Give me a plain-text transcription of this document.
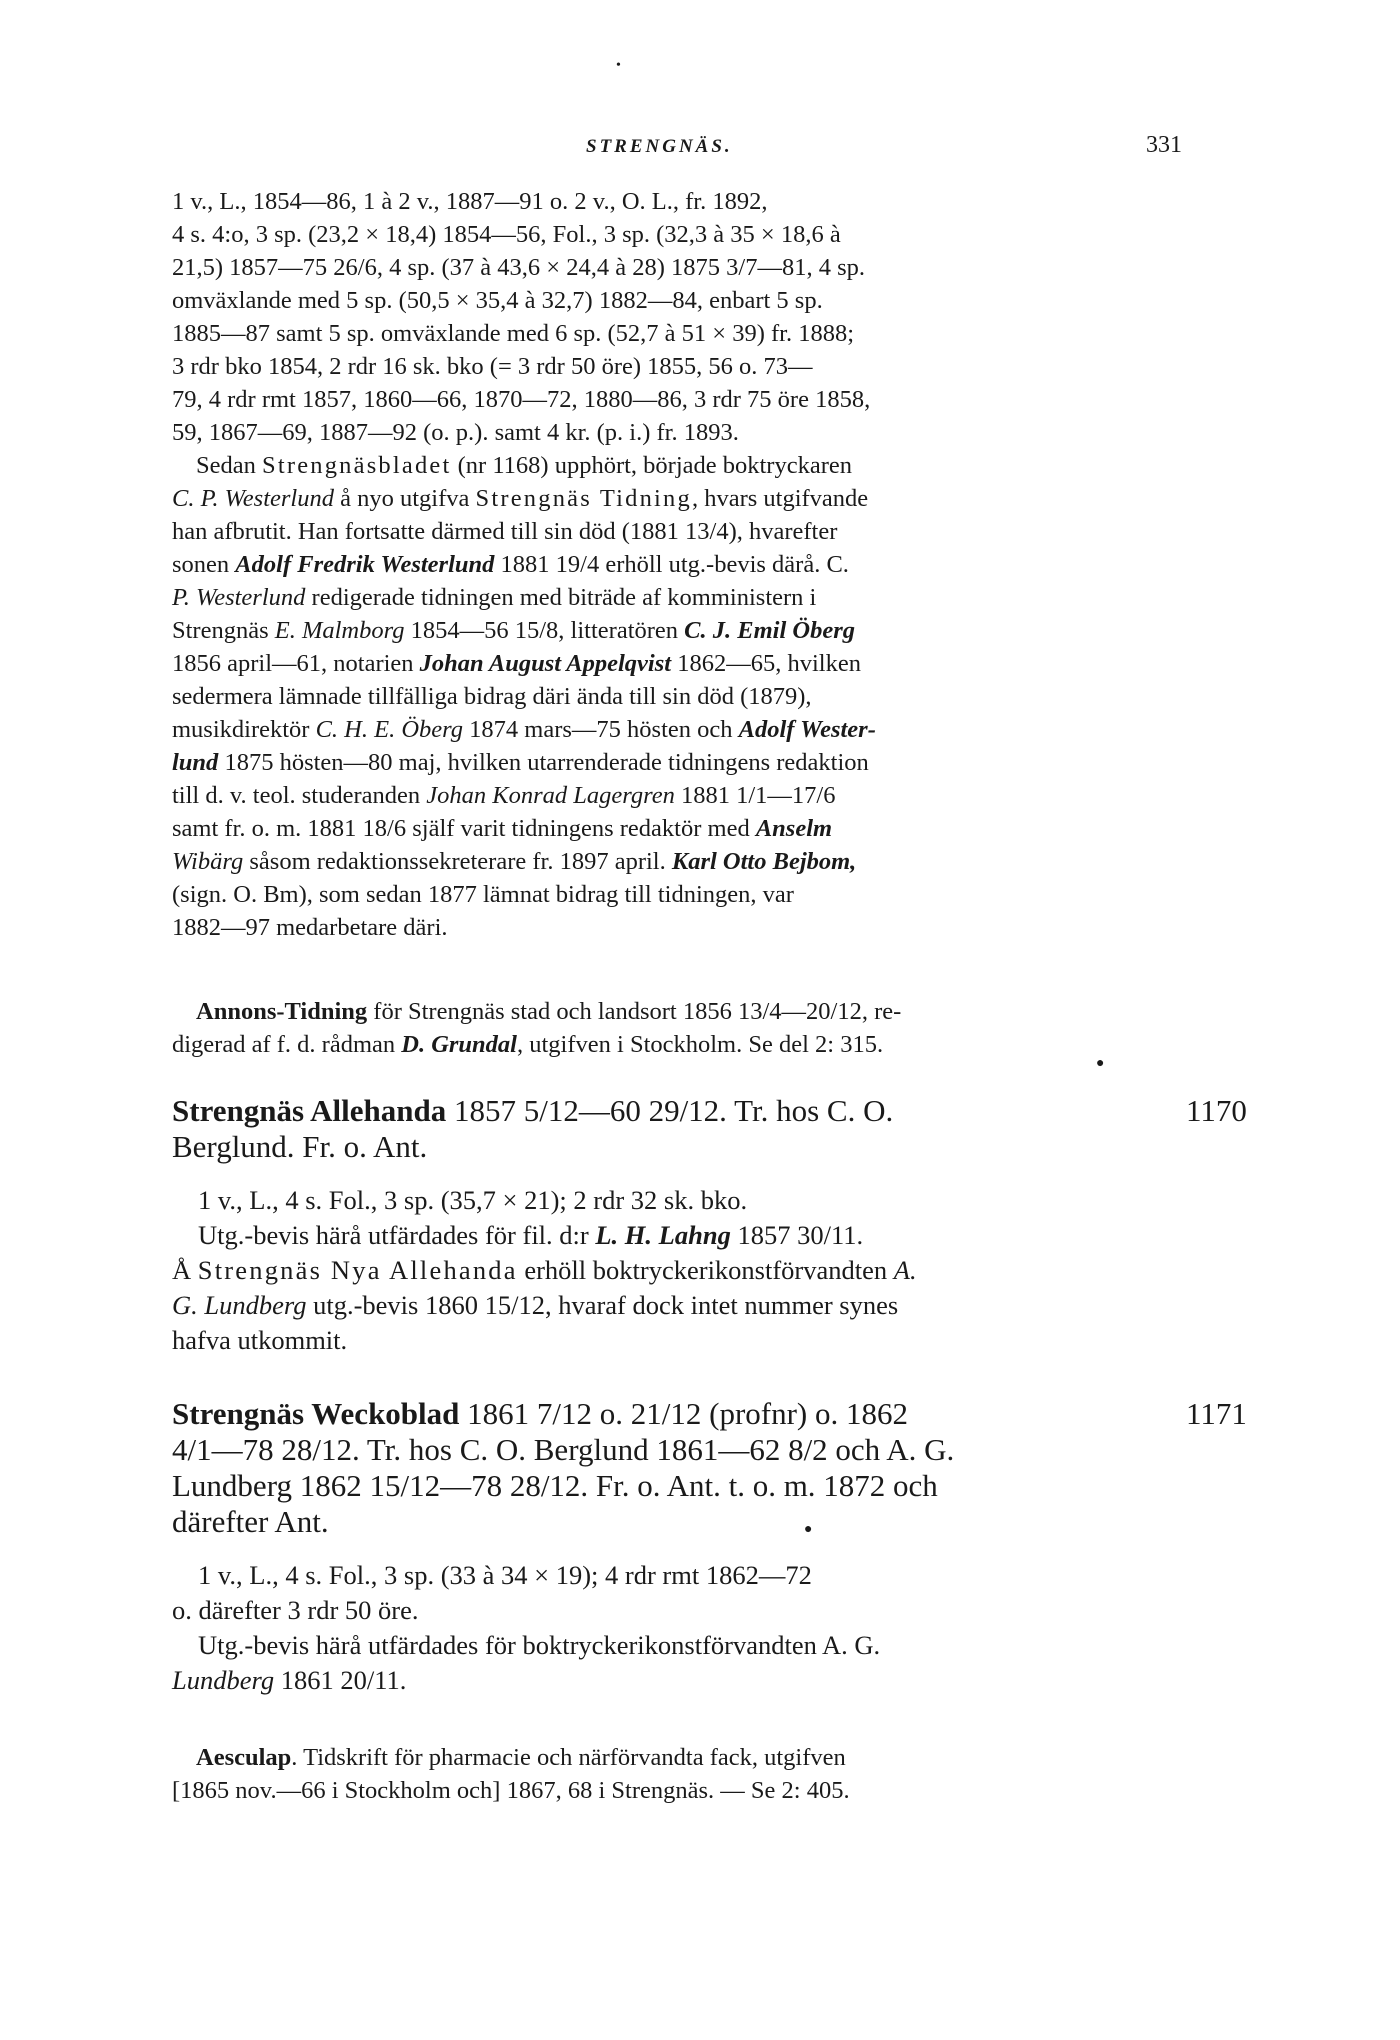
•
STRENGNÄS.	331
1 v., L., 1854—86, 1 à 2 v., 1887—91 o. 2 v., O. L., fr. 1892,
4 s. 4:o, 3 sp. (23,2 × 18,4) 1854—56, Fol., 3 sp. (32,3 à 35 × 18,6 à
21,5) 1857—75 26/6, 4 sp. (37 à 43,6 × 24,4 à 28) 1875 3/7—81, 4 sp.
omväxlande med 5 sp. (50,5 × 35,4 à 32,7) 1882—84, enbart 5 sp.
1885—87 samt 5 sp. omväxlande med 6 sp. (52,7 à 51 × 39) fr. 1888;
3 rdr bko 1854, 2 rdr 16 sk. bko (= 3 rdr 50 öre) 1855, 56 o. 73—
79, 4 rdr rmt 1857, 1860—66, 1870—72, 1880—86, 3 rdr 75 öre 1858,
59, 1867—69, 1887—92 (o. p.). samt 4 kr. (p. i.) fr. 1893.
Sedan Strengnäsbladet (nr 1168) upphört, började boktryckaren
C. P. Westerlund å nyo utgifva Strengnäs Tidning, hvars utgifvande
han afbrutit. Han fortsatte därmed till sin död (1881 13/4), hvarefter
sonen Adolf Fredrik Westerlund 1881 19/4 erhöll utg.-bevis därå. C.
P. Westerlund redigerade tidningen med biträde af komministern i
Strengnäs E. Malmborg 1854—56 15/8, litteratören C. J. Emil Öberg
1856 april—61, notarien Johan August Appelqvist 1862—65, hvilken
sedermera lämnade tillfälliga bidrag däri ända till sin död (1879),
musikdirektör C. H. E. Öberg 1874 mars—75 hösten och Adolf Wester-
lund 1875 hösten—80 maj, hvilken utarrenderade tidningens redaktion
till d. v. teol. studeranden Johan Konrad Lagergren 1881 1/1—17/6
samt fr. o. m. 1881 18/6 själf varit tidningens redaktör med Anselm
Wibärg såsom redaktionssekreterare fr. 1897 april. Karl Otto Bejbom,
(sign. O. Bm), som sedan 1877 lämnat bidrag till tidningen, var
1882—97 medarbetare däri.
Annons-Tidning för Strengnäs stad och landsort 1856 13/4—20/12, re-
digerad af f. d. rådman D. Grundal, utgifven i Stockholm. Se del 2: 315.
●
1170
Strengnäs Allehanda 1857 5/12—60 29/12. Tr. hos C. O.
Berglund. Fr. o. Ant.
1 v., L., 4 s. Fol., 3 sp. (35,7 × 21); 2 rdr 32 sk. bko.
Utg.-bevis härå utfärdades för fil. d:r L. H. Lahng 1857 30/11.
Å Strengnäs Nya Allehanda erhöll boktryckerikonstförvandten A.
G. Lundberg utg.-bevis 1860 15/12, hvaraf dock intet nummer synes
hafva utkommit.
1171
Strengnäs Weckoblad 1861 7/12 o. 21/12 (profnr) o. 1862
4/1—78 28/12. Tr. hos C. O. Berglund 1861—62 8/2 och A. G.
Lundberg 1862 15/12—78 28/12. Fr. o. Ant. t. o. m. 1872 och
därefter Ant.	●
1 v., L., 4 s. Fol., 3 sp. (33 à 34 × 19); 4 rdr rmt 1862—72
o. därefter 3 rdr 50 öre.
Utg.-bevis härå utfärdades för boktryckerikonstförvandten A. G.
Lundberg 1861 20/11.
Aesculap. Tidskrift för pharmacie och närförvandta fack, utgifven
[1865 nov.—66 i Stockholm och] 1867, 68 i Strengnäs. — Se 2: 405.
